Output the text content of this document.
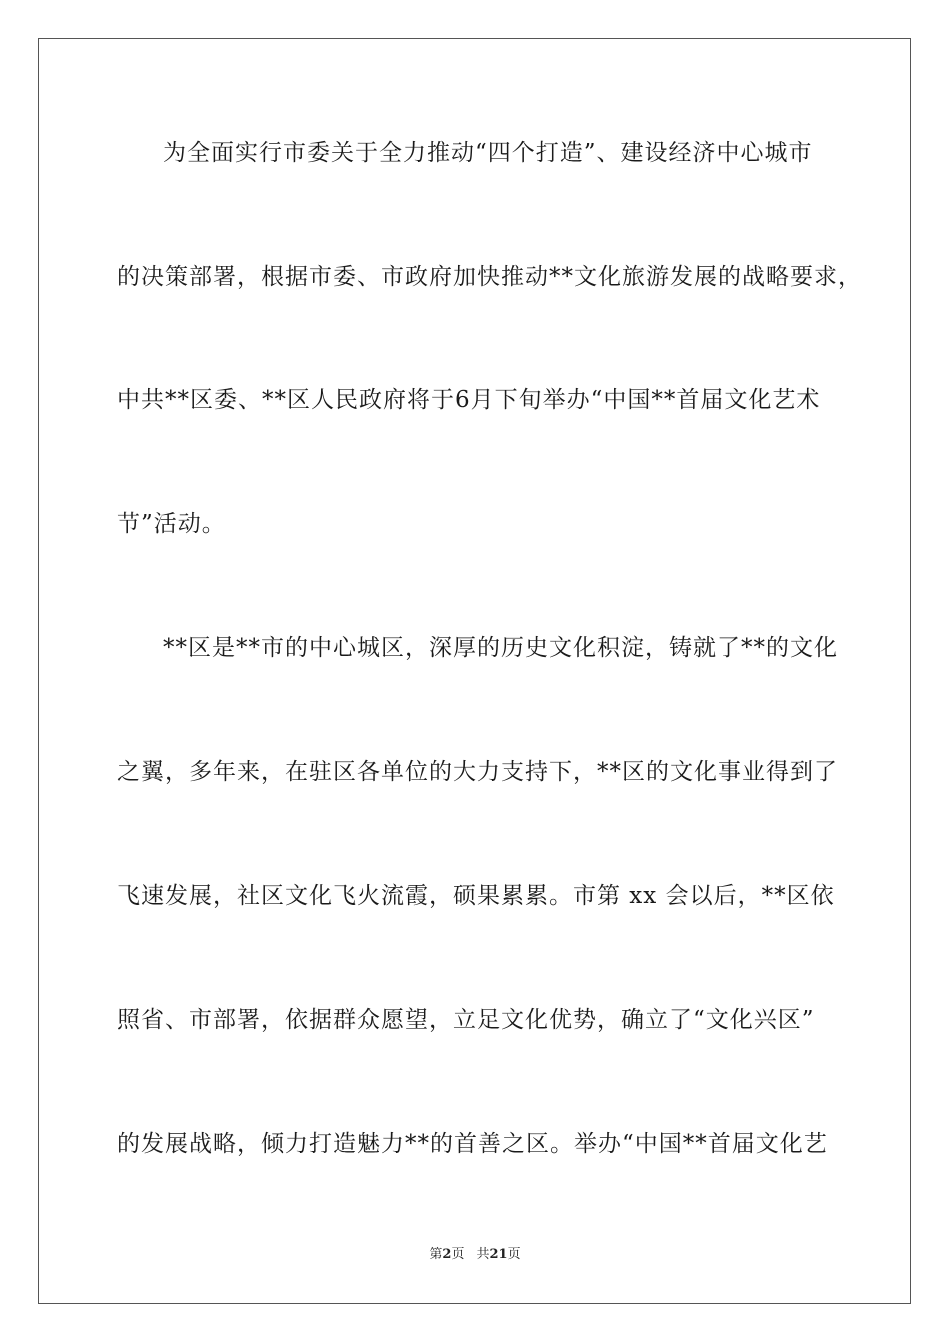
为全面实行市委关于全力推动“四个打造”、建设经济中心城市
的决策部署，根据市委、市政府加快推动**文化旅游发展的战略要求，
中共**区委、**区人民政府将于6月下旬举办“中国**首届文化艺术
节”活动。
**区是**市的中心城区，深厚的历史文化积淀，铸就了**的文化
之翼，多年来，在驻区各单位的大力支持下，**区的文化事业得到了
飞速发展，社区文化飞火流霞，硕果累累。市第 xx 会以后，**区依
照省、市部署，依据群众愿望，立足文化优势，确立了“文化兴区”
的发展战略，倾力打造魅力**的首善之区。举办“中国**首届文化艺
第2页 共21页
